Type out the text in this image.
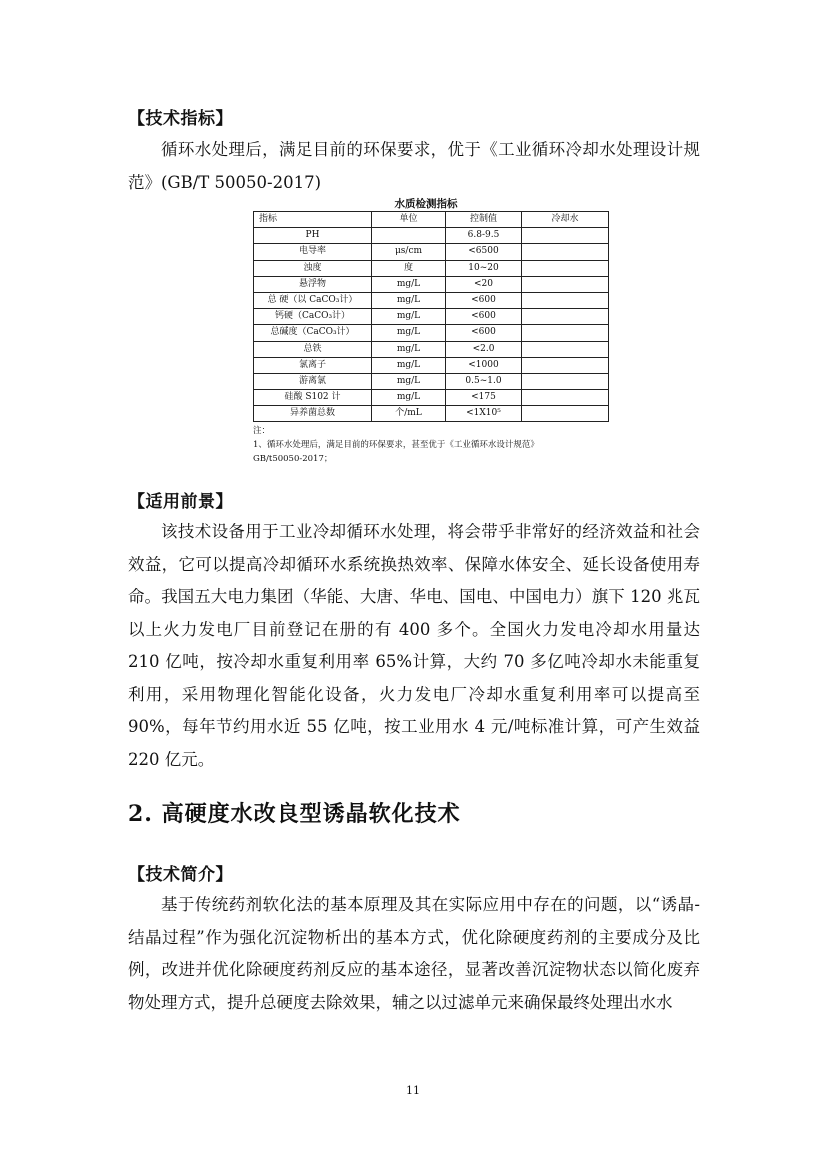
【技术指标】

循环水处理后，满足目前的环保要求，优于《工业循环冷却水处理设计规范》(GB/T 50050-2017)

水质检测指标
指标	单位	控制值	冷却水
PH		6.8-9.5	
电导率	μs/cm	<6500	
浊度	度	10~20	
悬浮物	mg/L	<20	
总 硬（以 CaCO₃计）	mg/L	<600	
钙硬（CaCO₃计）	mg/L	<600	
总碱度（CaCO₃计）	mg/L	<600	
总铁	mg/L	<2.0	
氯离子	mg/L	<1000	
游离氯	mg/L	0.5~1.0	
硅酸 S102 计	mg/L	<175	
异养菌总数	个/mL	<1X10⁵	
注：
1、循环水处理后，满足目前的环保要求，甚至优于《工业循环水设计规范》
GB/t50050-2017；
【适用前景】

该技术设备用于工业冷却循环水处理，将会带乎非常好的经济效益和社会效益，它可以提高冷却循环水系统换热效率、保障水体安全、延长设备使用寿命。我国五大电力集团（华能、大唐、华电、国电、中国电力）旗下 120 兆瓦以上火力发电厂目前登记在册的有 400 多个。全国火力发电冷却水用量达 210 亿吨，按冷却水重复利用率 65%计算，大约 70 多亿吨冷却水未能重复利用，采用物理化智能化设备，火力发电厂冷却水重复利用率可以提高至 90%，每年节约用水近 55 亿吨，按工业用水 4 元/吨标准计算，可产生效益 220 亿元。

2. 高硬度水改良型诱晶软化技术
【技术简介】

基于传统药剂软化法的基本原理及其在实际应用中存在的问题，以“诱晶-结晶过程”作为强化沉淀物析出的基本方式，优化除硬度药剂的主要成分及比例，改进并优化除硬度药剂反应的基本途径，显著改善沉淀物状态以简化废弃物处理方式，提升总硬度去除效果，辅之以过滤单元来确保最终处理出水水

11
